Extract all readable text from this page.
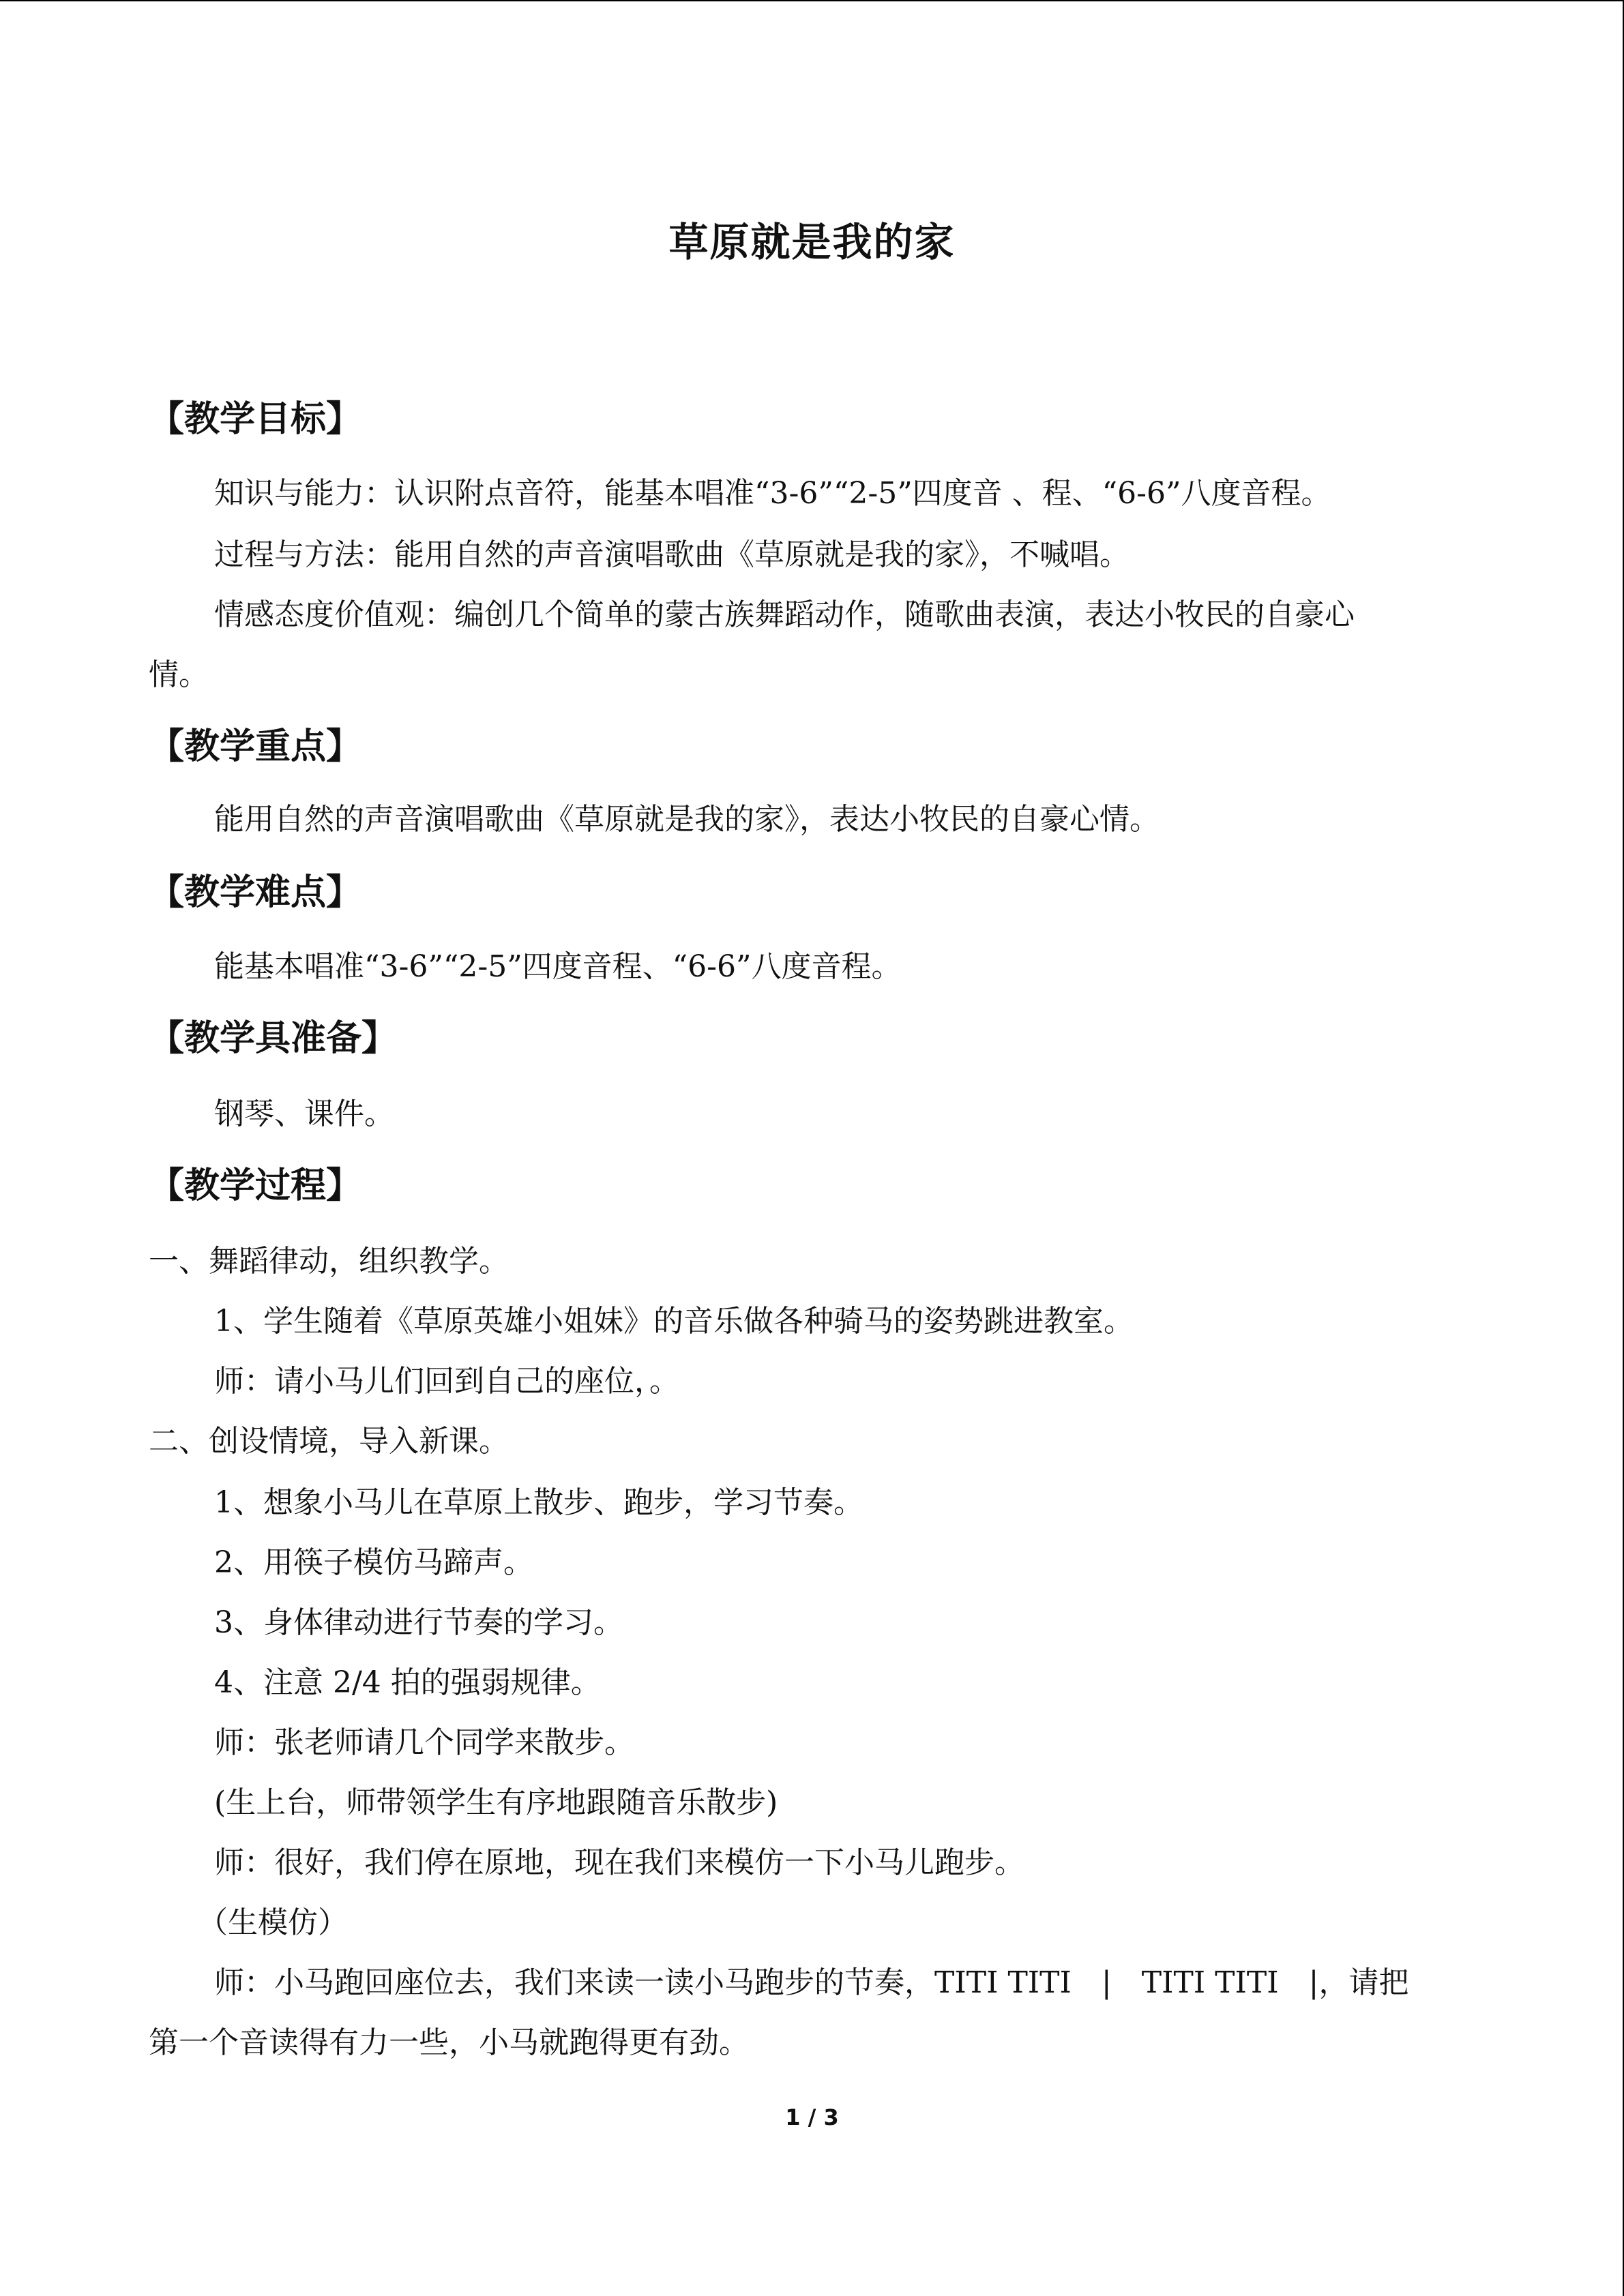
草原就是我的家
【教学目标】
知识与能力：认识附点音符，能基本唱准“3-6”“2-5”四度音 、程、“6-6”八度音程。
过程与方法：能用自然的声音演唱歌曲《草原就是我的家》，不喊唱。
情感态度价值观：编创几个简单的蒙古族舞蹈动作，随歌曲表演，表达小牧民的自豪心
情。
【教学重点】
能用自然的声音演唱歌曲《草原就是我的家》，表达小牧民的自豪心情。
【教学难点】
能基本唱准“3-6”“2-5”四度音程、“6-6”八度音程。
【教学具准备】
钢琴、课件。
【教学过程】
一、舞蹈律动，组织教学。
1、学生随着《草原英雄小姐妹》的音乐做各种骑马的姿势跳进教室。
师：请小马儿们回到自己的座位，。
二、创设情境，导入新课。
1、想象小马儿在草原上散步、跑步，学习节奏。
2、用筷子模仿马蹄声。
3、身体律动进行节奏的学习。
4、注意 2/4 拍的强弱规律。
师：张老师请几个同学来散步。
(生上台，师带领学生有序地跟随音乐散步)
师：很好，我们停在原地，现在我们来模仿一下小马儿跑步。
（生模仿）
师：小马跑回座位去，我们来读一读小马跑步的节奏，TITI TITI　|　TITI TITI　|，请把
第一个音读得有力一些，小马就跑得更有劲。
1 / 3
